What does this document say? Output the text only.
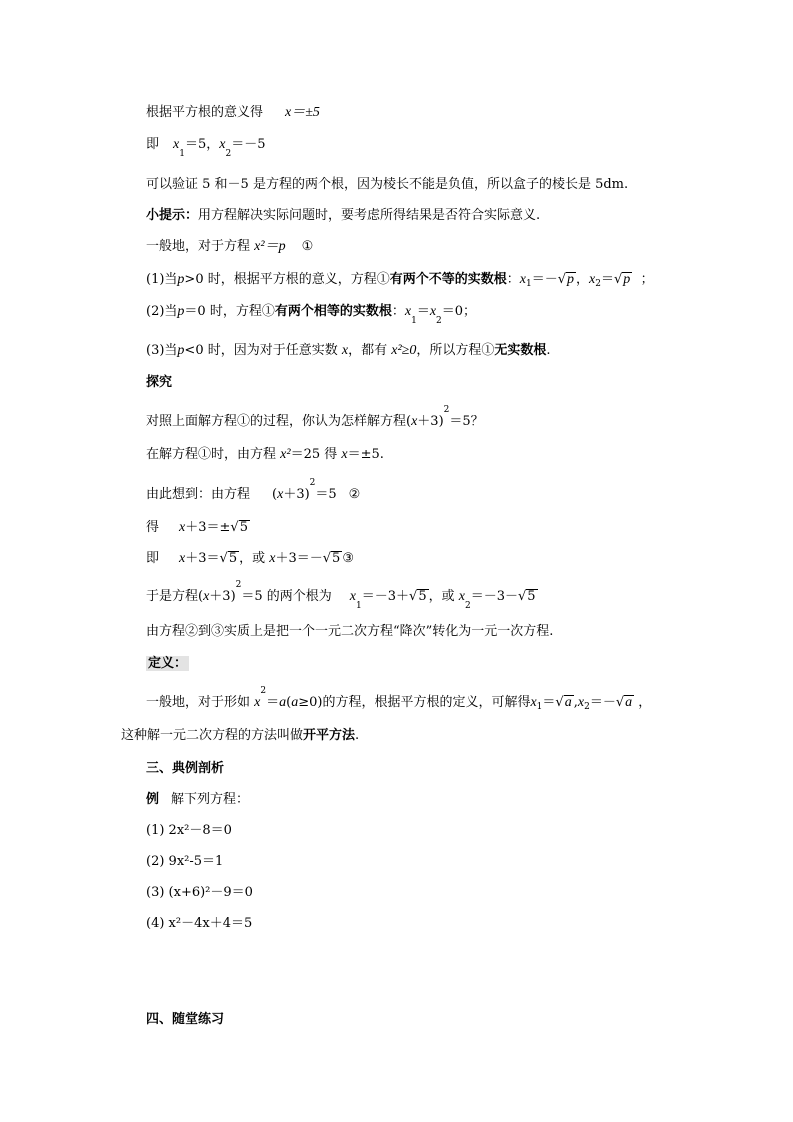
根据平方根的意义得 x＝±5
即 $x_1=5$，$x_2=-5$
可以验证 5 和－5 是方程的两个根，因为棱长不能是负值，所以盒子的棱长是 5dm.
小提示：用方程解决实际问题时，要考虑所得结果是否符合实际意义.
一般地，对于方程 x²＝p ①
(1)当p>0 时，根据平方根的意义，方程①有两个不等的实数根：$x_1=-√p$ ，$x_2=√p$ ；
(2)当p＝0 时，方程①有两个相等的实数根：$x_1=x_2=0$；
(3)当p<0 时，因为对于任意实数 x，都有 x²≥0，所以方程①无实数根.
探究
对照上面解方程①的过程，你认为怎样解方程$(x+3)^2=5$？
在解方程①时，由方程 x²＝25 得 x＝±5.
由此想到：由方程 $(x+3)^2=5$ ②
得 x＋3＝±√5
即 x＋3＝√5 ，或 x＋3＝－√5 ③
于是方程$(x+3)^2=5$ 的两个根为 $x_1=-3+√5$ ，或 $x_2=-3-√5$
由方程②到③实质上是把一个一元二次方程“降次”转化为一元一次方程.
定义：
一般地，对于形如 $x^2=a(a\ge 0)$的方程，根据平方根的定义，可解得$x_1=√a$ $,x_2=-√a$ ，
这种解一元二次方程的方法叫做开平方法.
三、典例剖析
例 解下列方程：
(1) 2x²－8＝0
(2) 9x²-5＝1
(3) (x+6)²－9＝0
(4) x²－4x＋4＝5
四、随堂练习
